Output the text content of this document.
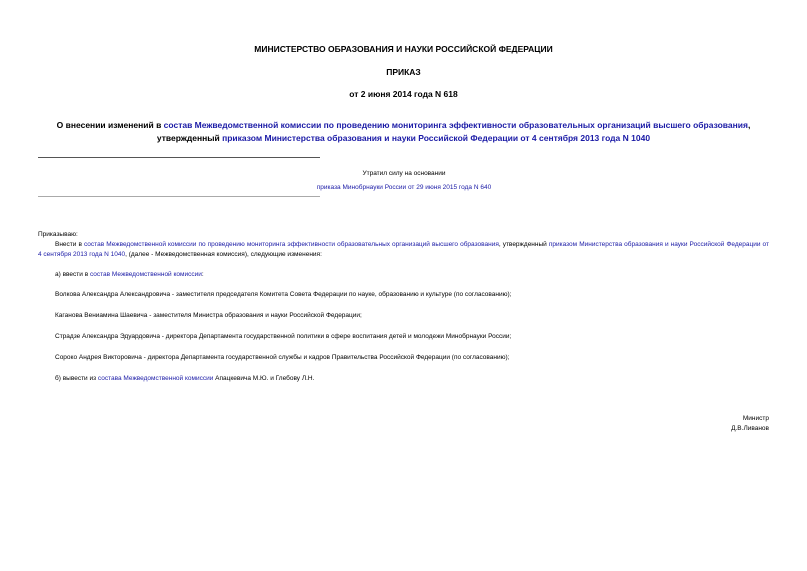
МИНИСТЕРСТВО ОБРАЗОВАНИЯ И НАУКИ РОССИЙСКОЙ ФЕДЕРАЦИИ
ПРИКАЗ
от 2 июня 2014 года N 618
О внесении изменений в состав Межведомственной комиссии по проведению мониторинга эффективности образовательных организаций высшего образования, утвержденный приказом Министерства образования и науки Российской Федерации от 4 сентября 2013 года N 1040
Утратил силу на основании
приказа Минобрнауки России от 29 июня 2015 года N 640
Приказываю:
Внести в состав Межведомственной комиссии по проведению мониторинга эффективности образовательных организаций высшего образования, утвержденный приказом Министерства образования и науки Российской Федерации от 4 сентября 2013 года N 1040, (далее - Межведомственная комиссия), следующие изменения:
а) ввести в состав Межведомственной комиссии:
Волкова Александра Александровича - заместителя председателя Комитета Совета Федерации по науке, образованию и культуре (по согласованию);
Каганова Вениамина Шаевича - заместителя Министра образования и науки Российской Федерации;
Страдзе Александра Эдуардовича - директора Департамента государственной политики в сфере воспитания детей и молодежи Минобрнауки России;
Сороко Андрея Викторовича - директора Департамента государственной службы и кадров Правительства Российской Федерации (по согласованию);
б) вывести из состава Межведомственной комиссии Апацкевича М.Ю. и Глебову Л.Н.
Министр
Д.В.Ливанов
